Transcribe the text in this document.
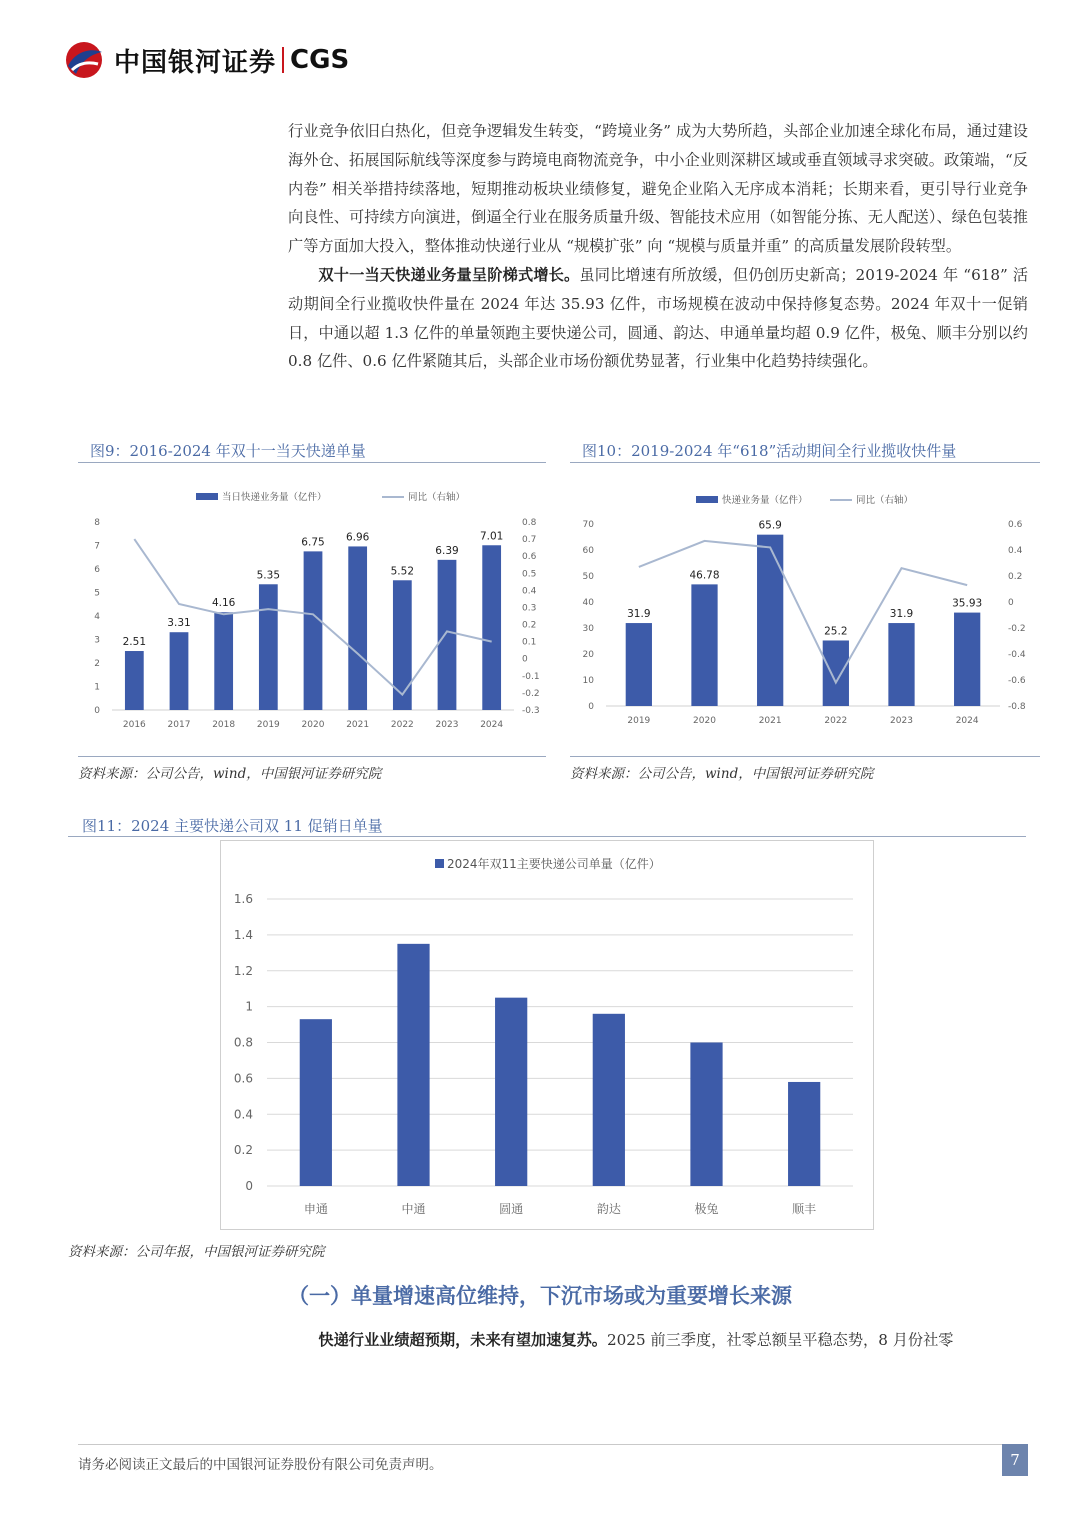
中国银河证券 CGS

行业竞争依旧白热化，但竞争逻辑发生转变，“跨境业务” 成为大势所趋，头部企业加速全球化布局，通过建设海外仓、拓展国际航线等深度参与跨境电商物流竞争，中小企业则深耕区域或垂直领域寻求突破。政策端，“反内卷” 相关举措持续落地，短期推动板块业绩修复，避免企业陷入无序成本消耗；长期来看，更引导行业竞争向良性、可持续方向演进，倒逼全行业在服务质量升级、智能技术应用（如智能分拣、无人配送）、绿色包装推广等方面加大投入，整体推动快递行业从 “规模扩张” 向 “规模与质量并重” 的高质量发展阶段转型。

双十一当天快递业务量呈阶梯式增长。虽同比增速有所放缓，但仍创历史新高；2019-2024 年 “618” 活动期间全行业揽收快件量在 2024 年达 35.93 亿件，市场规模在波动中保持修复态势。2024 年双十一促销日，中通以超 1.3 亿件的单量领跑主要快递公司，圆通、韵达、申通单量均超 0.9 亿件，极兔、顺丰分别以约 0.8 亿件、0.6 亿件紧随其后，头部企业市场份额优势显著，行业集中化趋势持续强化。

图9：2016-2024 年双十一当天快递单量	图10：2019-2024 年“618”活动期间全行业揽收快件量
当日快递业务量（亿件）	同比（右轴）
0
1
2
3
4
5
6
7
8
-0.3
-0.2
-0.1
0
0.1
0.2
0.3
0.4
0.5
0.6
0.7
0.8
2.51
2016
3.31
2017
4.16
2018
5.35
2019
6.75
2020
6.96
2021
5.52
2022
6.39
2023
7.01
2024
快递业务量（亿件）	同比（右轴）
0
10
20
30
40
50
60
70
-0.8
-0.6
-0.4
-0.2
0
0.2
0.4
0.6
31.9
2019
46.78
2020
65.9
2021
25.2
2022
31.9
2023
35.93
2024
资料来源：公司公告，wind，中国银河证券研究院	资料来源：公司公告，wind，中国银河证券研究院
图11：2024 主要快递公司双 11 促销日单量
2024年双11主要快递公司单量（亿件）
0
0.2
0.4
0.6
0.8
1
1.2
1.4
1.6
申通	中通	圆通	韵达	极兔	顺丰
资料来源：公司年报，中国银河证券研究院
（一）单量增速高位维持，下沉市场或为重要增长来源

快递行业业绩超预期，未来有望加速复苏。2025 前三季度，社零总额呈平稳态势，8 月份社零

请务必阅读正文最后的中国银河证券股份有限公司免责声明。	7
